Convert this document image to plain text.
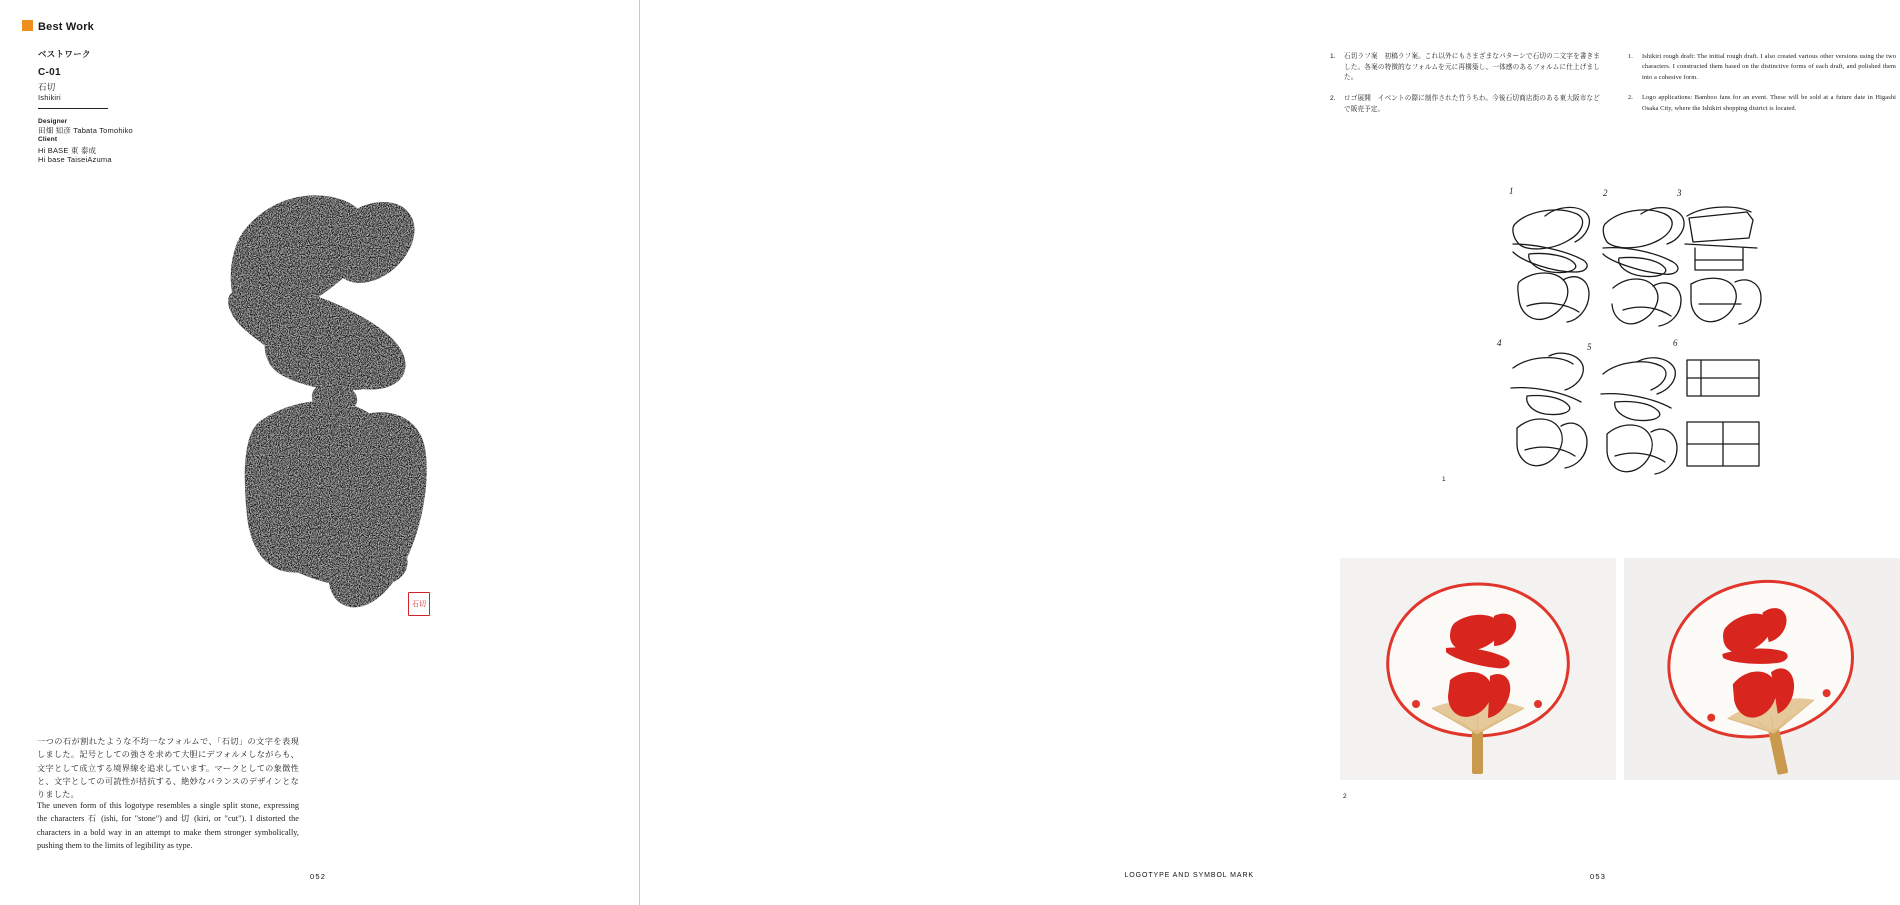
Best Work
ベストワーク
C-01
石切
Ishikiri
Designer
田畑 知彦 Tabata Tomohiko
Client
Hi BASE 東 泰成
Hi base TaiseiAzuma
石切
一つの石が割れたような不均一なフォルムで、「石切」の文字を表現しました。記号としての強さを求めて大胆にデフォルメしながらも、文字として成立する境界線を追求しています。マークとしての象徴性と、文字としての可読性が拮抗する、絶妙なバランスのデザインとなりました。
The uneven form of this logotype resembles a single split stone, expressing the characters 石 (ishi, for "stone") and 切 (kiri, or "cut"). I distorted the characters in a bold way in an attempt to make them stronger symbolically, pushing them to the limits of legibility as type.
052
1.	石切ラフ案　初稿ラフ案。これ以外にもさまざまなパターンで石切の二文字を書きました。各案の特徴的なフォルムを元に再構築し、一体感のあるフォルムに仕上げました。
2.	ロゴ展開　イベントの際に制作された竹うちわ。今後石切商店街のある東大阪市などで販売予定。
1.	Ishikiri rough draft: The initial rough draft. I also created various other versions using the two characters. I constructed them based on the distinctive forms of each draft, and polished them into a cohesive form.
2.	Logo applications: Bamboo fans for an event. These will be sold at a future date in Higashi Osaka City, where the Ishikiri shopping district is located.
1	2	3
4	5	6
1
2
053
LOGOTYPE AND SYMBOL MARK
